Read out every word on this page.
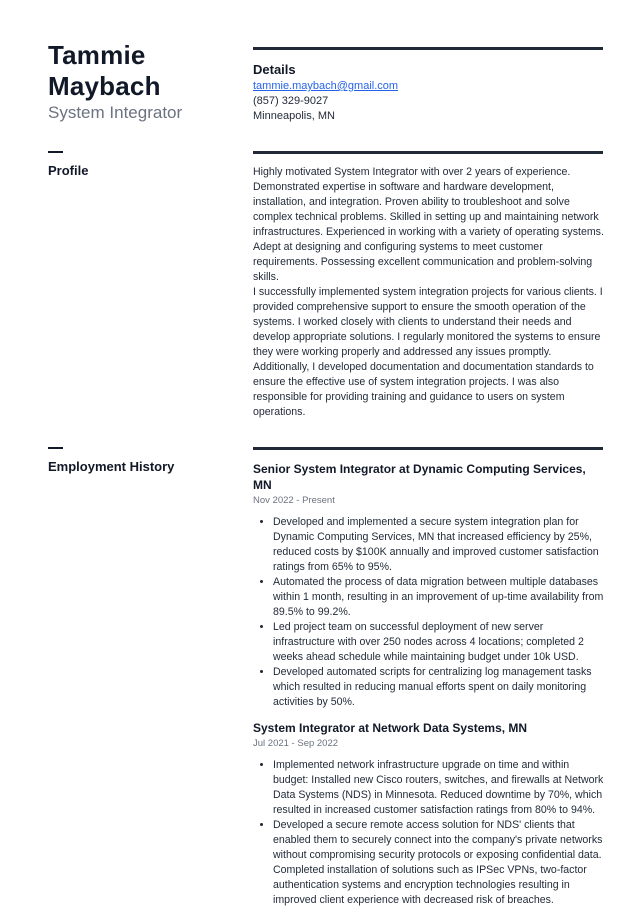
Tammie
Maybach
System Integrator
Details
tammie.maybach@gmail.com
(857) 329-9027
Minneapolis, MN
Profile	Highly motivated System Integrator with over 2 years of experience. Demonstrated expertise in software and hardware development, installation, and integration. Proven ability to troubleshoot and solve complex technical problems. Skilled in setting up and maintaining network infrastructures. Experienced in working with a variety of operating systems. Adept at designing and configuring systems to meet customer requirements. Possessing excellent communication and problem-solving skills.

I successfully implemented system integration projects for various clients. I provided comprehensive support to ensure the smooth operation of the systems. I worked closely with clients to understand their needs and develop appropriate solutions. I regularly monitored the systems to ensure they were working properly and addressed any issues promptly. Additionally, I developed documentation and documentation standards to ensure the effective use of system integration projects. I was also responsible for providing training and guidance to users on system operations.

Employment History	Senior System Integrator at Dynamic Computing Services, MN
Nov 2022 - Present
• Developed and implemented a secure system integration plan for Dynamic Computing Services, MN that increased efficiency by 25%, reduced costs by $100K annually and improved customer satisfaction ratings from 65% to 95%.
• Automated the process of data migration between multiple databases within 1 month, resulting in an improvement of up-time availability from 89.5% to 99.2%.
• Led project team on successful deployment of new server infrastructure with over 250 nodes across 4 locations; completed 2 weeks ahead schedule while maintaining budget under 10k USD.
• Developed automated scripts for centralizing log management tasks which resulted in reducing manual efforts spent on daily monitoring activities by 50%.
System Integrator at Network Data Systems, MN
Jul 2021 - Sep 2022
• Implemented network infrastructure upgrade on time and within budget: Installed new Cisco routers, switches, and firewalls at Network Data Systems (NDS) in Minnesota. Reduced downtime by 70%, which resulted in increased customer satisfaction ratings from 80% to 94%.
• Developed a secure remote access solution for NDS' clients that enabled them to securely connect into the company's private networks without compromising security protocols or exposing confidential data. Completed installation of solutions such as IPSec VPNs, two-factor authentication systems and encryption technologies resulting in improved client experience with decreased risk of breaches.
